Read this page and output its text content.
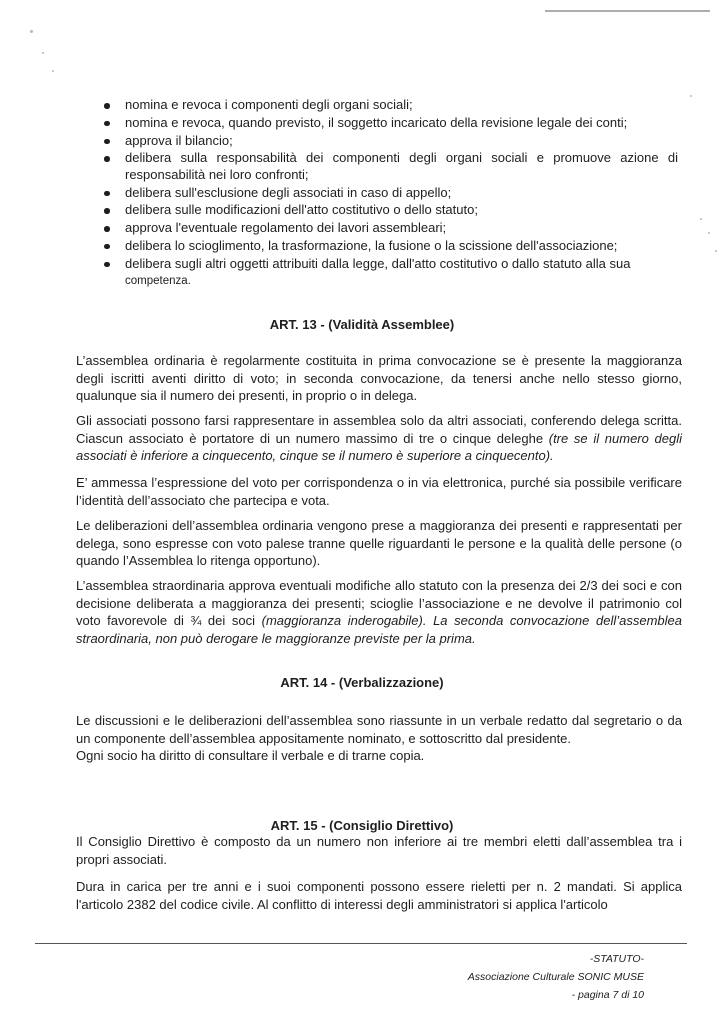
nomina e revoca i componenti degli organi sociali;
nomina e revoca, quando previsto, il soggetto incaricato della revisione legale dei conti;
approva il bilancio;
delibera sulla responsabilità dei componenti degli organi sociali e promuove azione di responsabilità nei loro confronti;
delibera sull'esclusione degli associati in caso di appello;
delibera sulle modificazioni dell'atto costitutivo o dello statuto;
approva l'eventuale regolamento dei lavori assembleari;
delibera lo scioglimento, la trasformazione, la fusione o la scissione dell'associazione;
delibera sugli altri oggetti attribuiti dalla legge, dall'atto costitutivo o dallo statuto alla sua
competenza.
ART. 13 - (Validità Assemblee)

L’assemblea ordinaria è regolarmente costituita in prima convocazione se è presente la maggioranza degli iscritti aventi diritto di voto; in seconda convocazione, da tenersi anche nello stesso giorno, qualunque sia il numero dei presenti, in proprio o in delega.

Gli associati possono farsi rappresentare in assemblea solo da altri associati, conferendo delega scritta. Ciascun associato è portatore di un numero massimo di tre o cinque deleghe (tre se il numero degli associati è inferiore a cinquecento, cinque se il numero è superiore a cinquecento).

E’ ammessa l’espressione del voto per corrispondenza o in via elettronica, purché sia possibile verificare l’identità dell’associato che partecipa e vota.

Le deliberazioni dell’assemblea ordinaria vengono prese a maggioranza dei presenti e rappresentati per delega, sono espresse con voto palese tranne quelle riguardanti le persone e la qualità delle persone (o quando l’Assemblea lo ritenga opportuno).

L’assemblea straordinaria approva eventuali modifiche allo statuto con la presenza dei 2/3 dei soci e con decisione deliberata a maggioranza dei presenti; scioglie l’associazione e ne devolve il patrimonio col voto favorevole di ¾ dei soci (maggioranza inderogabile). La seconda convocazione dell’assemblea straordinaria, non può derogare le maggioranze previste per la prima.

ART. 14 - (Verbalizzazione)

Le discussioni e le deliberazioni dell’assemblea sono riassunte in un verbale redatto dal segretario o da un componente dell’assemblea appositamente nominato, e sottoscritto dal presidente.

Ogni socio ha diritto di consultare il verbale e di trarne copia.

ART. 15 - (Consiglio Direttivo)

Il Consiglio Direttivo è composto da un numero non inferiore ai tre membri eletti dall’assemblea tra i propri associati.

Dura in carica per tre anni e i suoi componenti possono essere rieletti per n. 2 mandati. Si applica l'articolo 2382 del codice civile. Al conflitto di interessi degli amministratori si applica l'articolo

-STATUTO-
Associazione Culturale SONIC MUSE
- pagina 7 di 10
